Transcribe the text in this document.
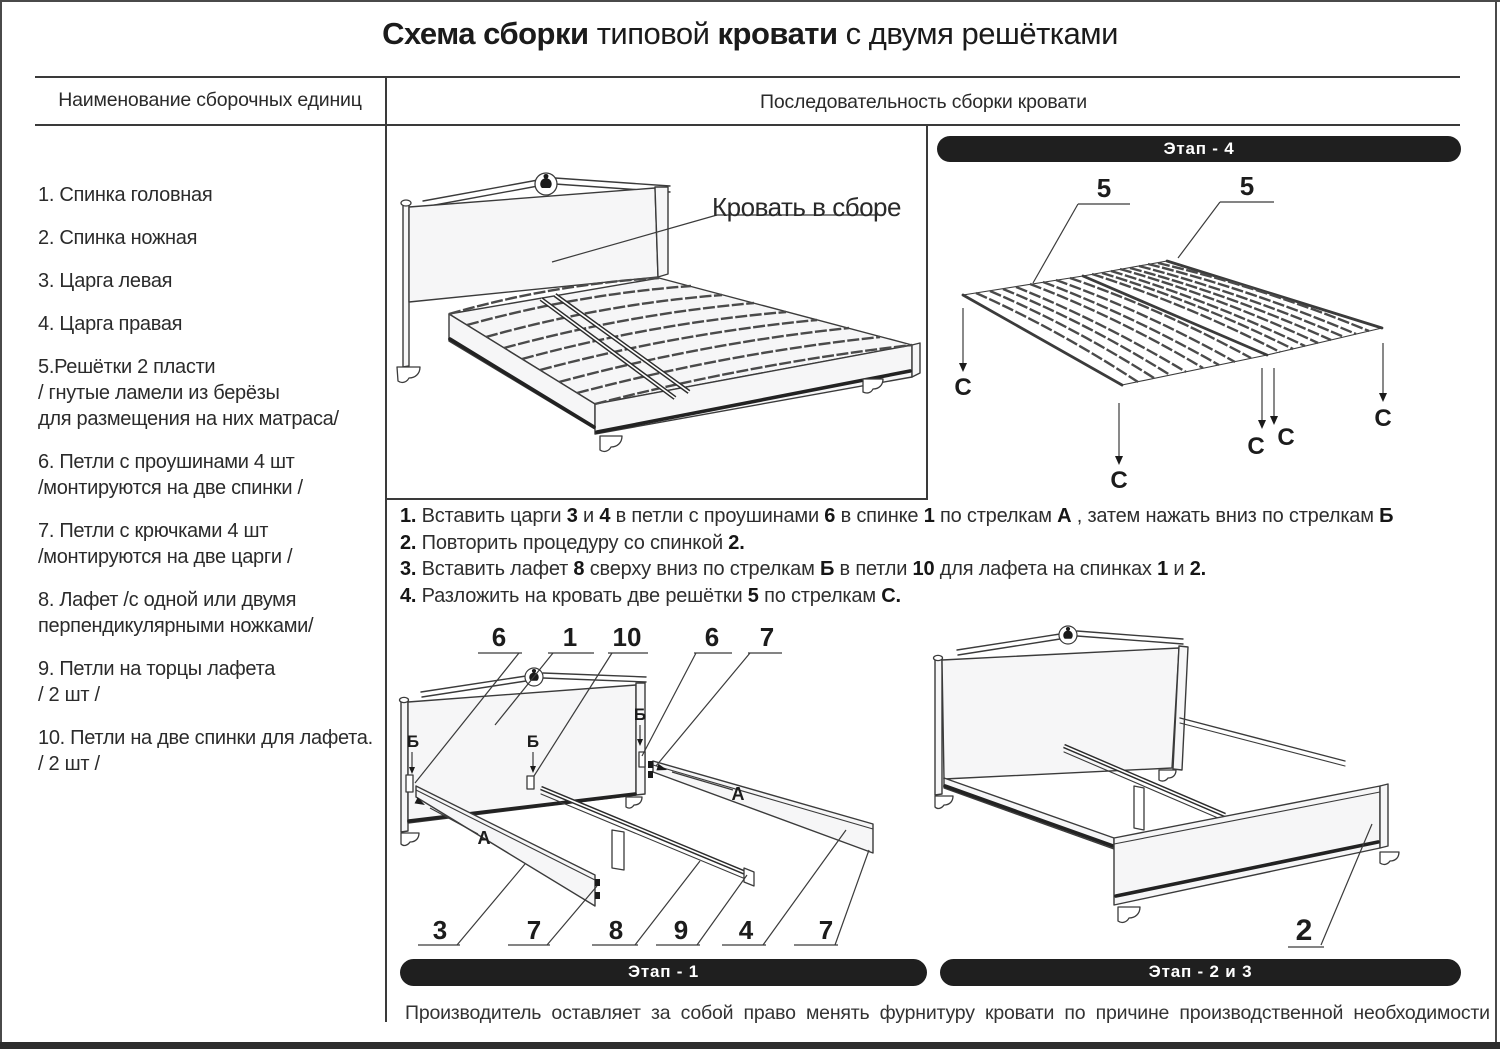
Схема сборки типовой кровати с двумя решётками
Наименование сборочных единиц	Последовательность сборки кровати
1. Спинка головная
2. Спинка ножная
3. Царга левая
4. Царга правая
5.Решётки 2 пласти
/ гнутые ламели из берёзы
для размещения на них матраса/
6. Петли с проушинами 4 шт
/монтируются на две спинки /
7. Петли с крючками 4 шт
/монтируются на две царги /
8. Лафет /с одной или двумя
перпендикулярными ножками/
9. Петли на торцы лафета
/ 2 шт /
10. Петли на две спинки для лафета.
/ 2 шт /
Кровать в сборе
Этап - 4
5	5
С
С
С С
С
1. Вставить царги 3 и 4 в петли с проушинами 6 в спинке 1 по стрелкам А , затем нажать вниз по стрелкам Б
2. Повторить процедуру со спинкой 2.
3. Вставить лафет 8 сверху вниз по стрелкам Б в петли 10 для лафета на спинках 1 и 2.
4. Разложить на кровать две решётки 5 по стрелкам С.
6 1 10 6 7
Б	Б
Б
А
А
3	7	8 9 4	7	2
Этап - 1	Этап - 2 и 3
Производитель оставляет за собой право менять фурнитуру кровати по причине производственной необходимости
